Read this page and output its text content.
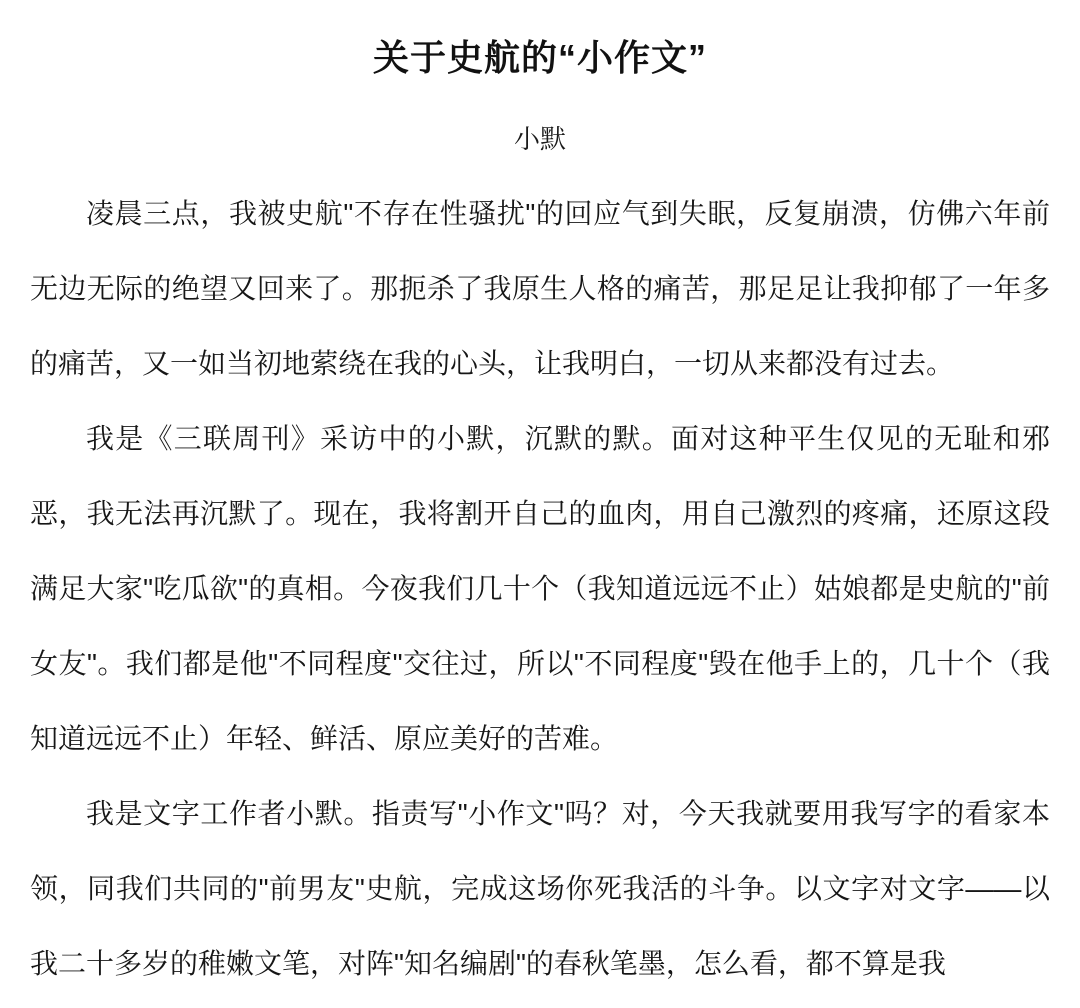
关于史航的“小作文”
小默

凌晨三点，我被史航"不存在性骚扰"的回应气到失眠，反复崩溃，仿佛六年前无边无际的绝望又回来了。那扼杀了我原生人格的痛苦，那足足让我抑郁了一年多的痛苦，又一如当初地萦绕在我的心头，让我明白，一切从来都没有过去。

我是《三联周刊》采访中的小默，沉默的默。面对这种平生仅见的无耻和邪恶，我无法再沉默了。现在，我将割开自己的血肉，用自己激烈的疼痛，还原这段满足大家"吃瓜欲"的真相。今夜我们几十个（我知道远远不止）姑娘都是史航的"前女友"。我们都是他"不同程度"交往过，所以"不同程度"毁在他手上的，几十个（我知道远远不止）年轻、鲜活、原应美好的苦难。

我是文字工作者小默。指责写"小作文"吗？对，今天我就要用我写字的看家本领，同我们共同的"前男友"史航，完成这场你死我活的斗争。以文字对文字——以我二十多岁的稚嫩文笔，对阵"知名编剧"的春秋笔墨，怎么看，都不算是我
